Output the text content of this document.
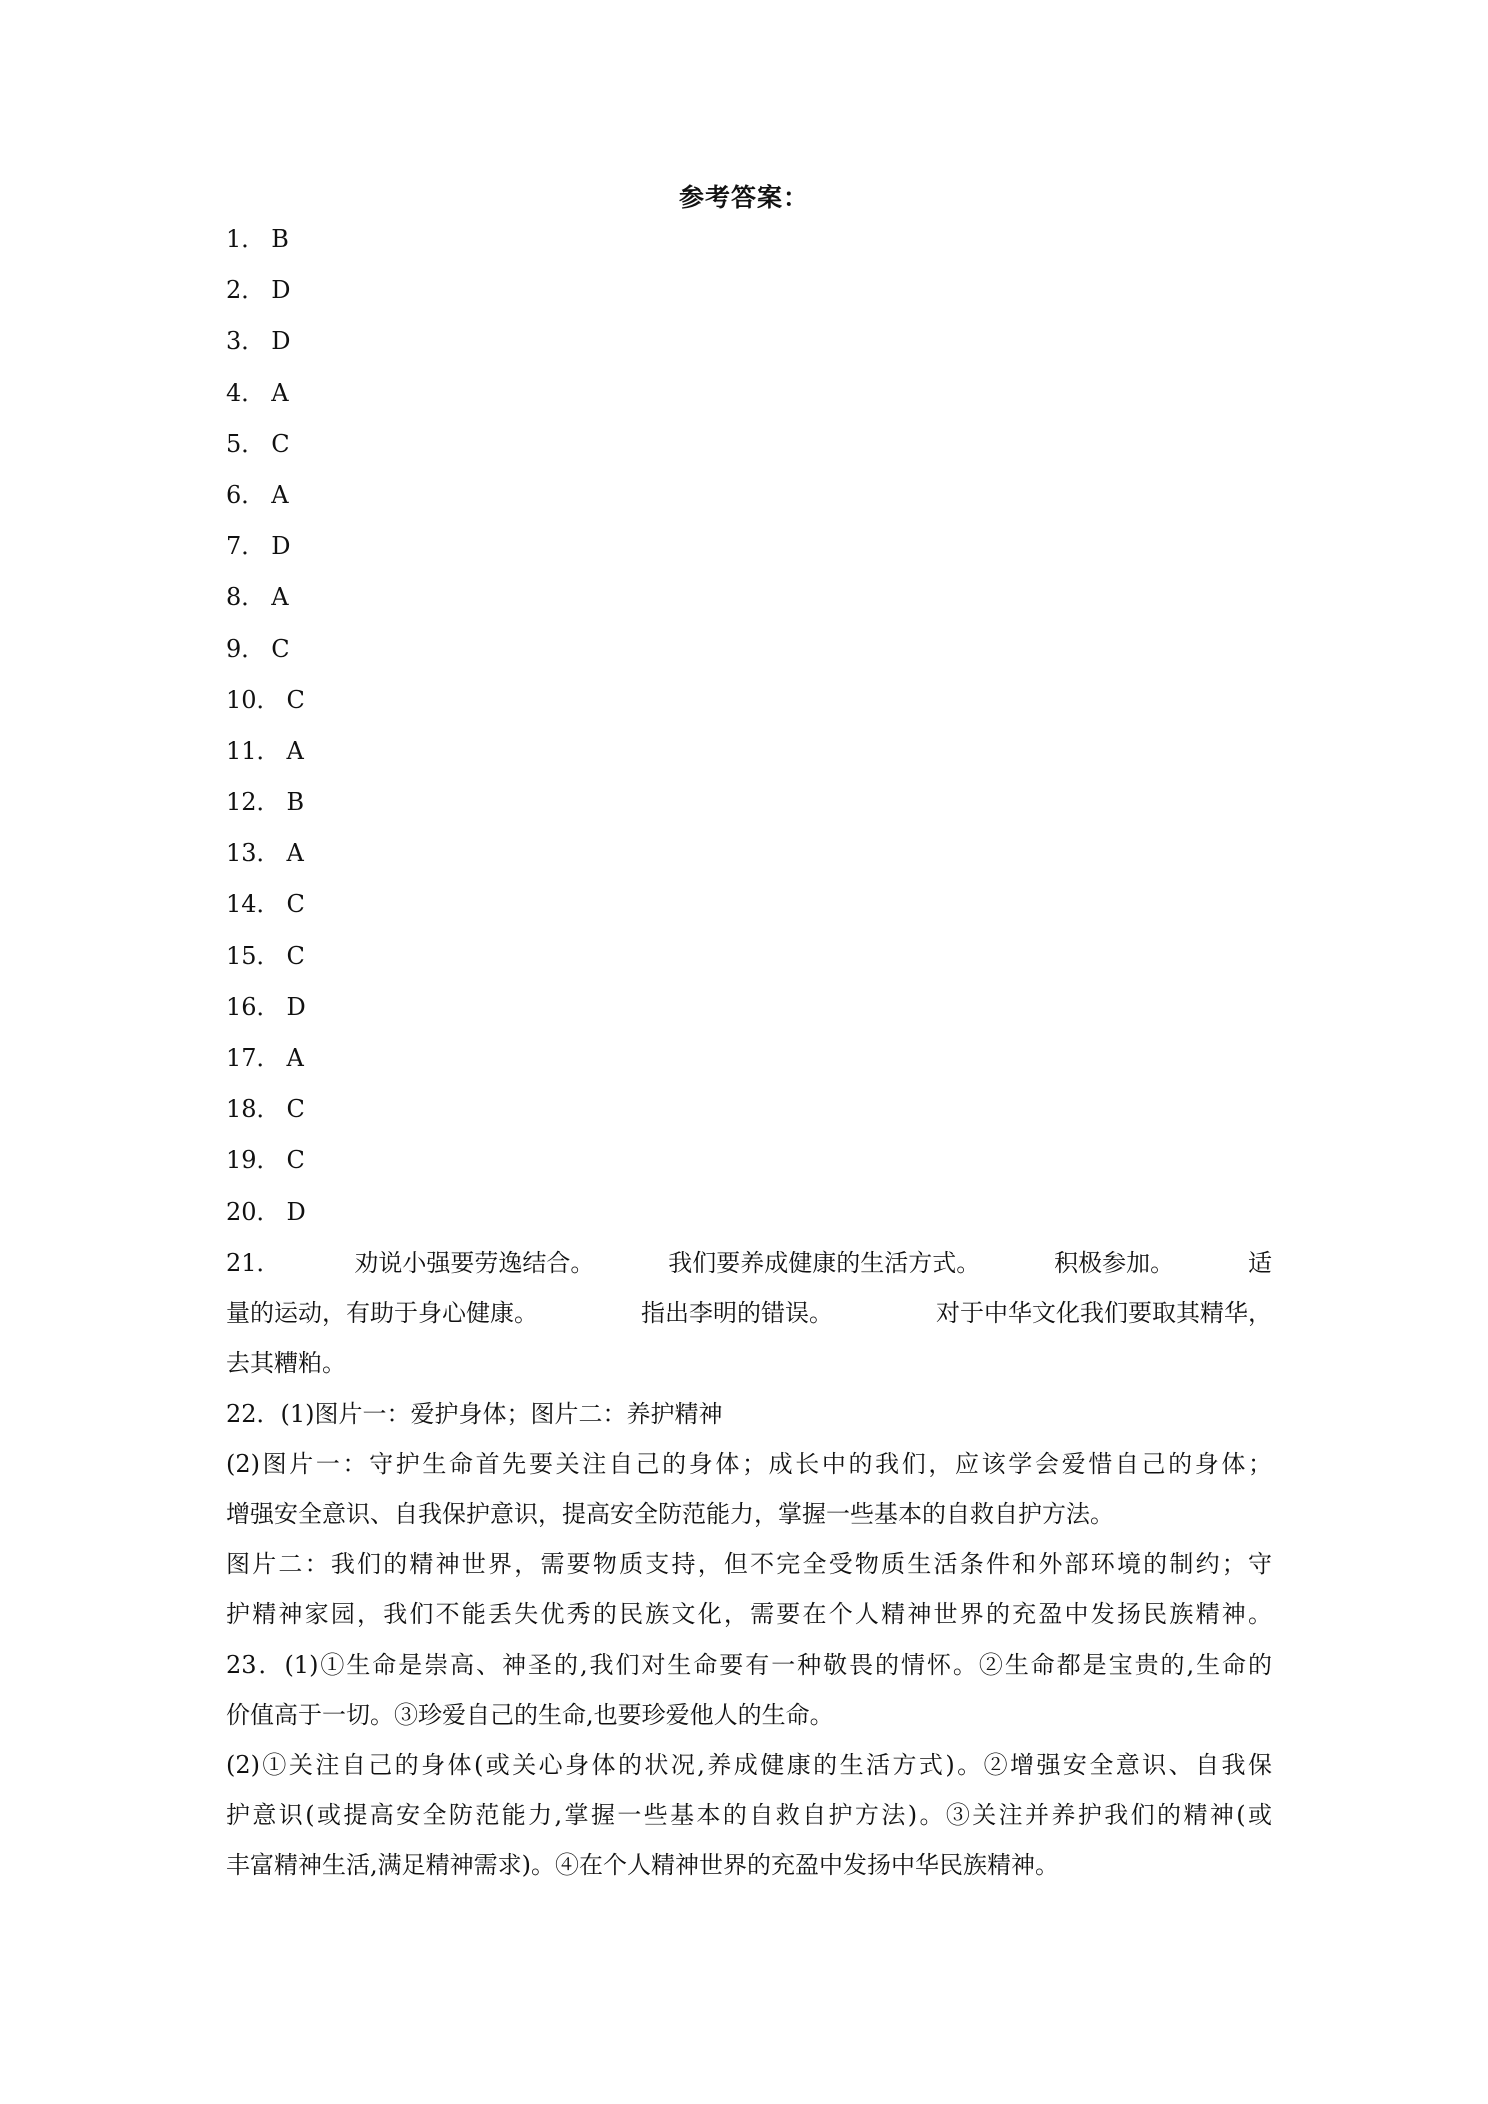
参考答案：
1． B
2． D
3． D
4． A
5． C
6． A
7． D
8． A
9． C
10． C
11． A
12． B
13． A
14． C
15． C
16． D
17． A
18． C
19． C
20． D
21．	劝说小强要劳逸结合。	我们要养成健康的生活方式。	积极参加。	适
量的运动，有助于身心健康。	指出李明的错误。	对于中华文化我们要取其精华，
去其糟粕。
22．(1)图片一：爱护身体；图片二：养护精神
(2)图片一：守护生命首先要关注自己的身体；成长中的我们，应该学会爱惜自己的身体；
增强安全意识、自我保护意识，提高安全防范能力，掌握一些基本的自救自护方法。
图片二：我们的精神世界，需要物质支持，但不完全受物质生活条件和外部环境的制约；守
护精神家园，我们不能丢失优秀的民族文化，需要在个人精神世界的充盈中发扬民族精神。
23．(1)①生命是崇高、神圣的,我们对生命要有一种敬畏的情怀。②生命都是宝贵的,生命的
价值高于一切。③珍爱自己的生命,也要珍爱他人的生命。
(2)①关注自己的身体(或关心身体的状况,养成健康的生活方式)。②增强安全意识、自我保
护意识(或提高安全防范能力,掌握一些基本的自救自护方法)。③关注并养护我们的精神(或
丰富精神生活,满足精神需求)。④在个人精神世界的充盈中发扬中华民族精神。
